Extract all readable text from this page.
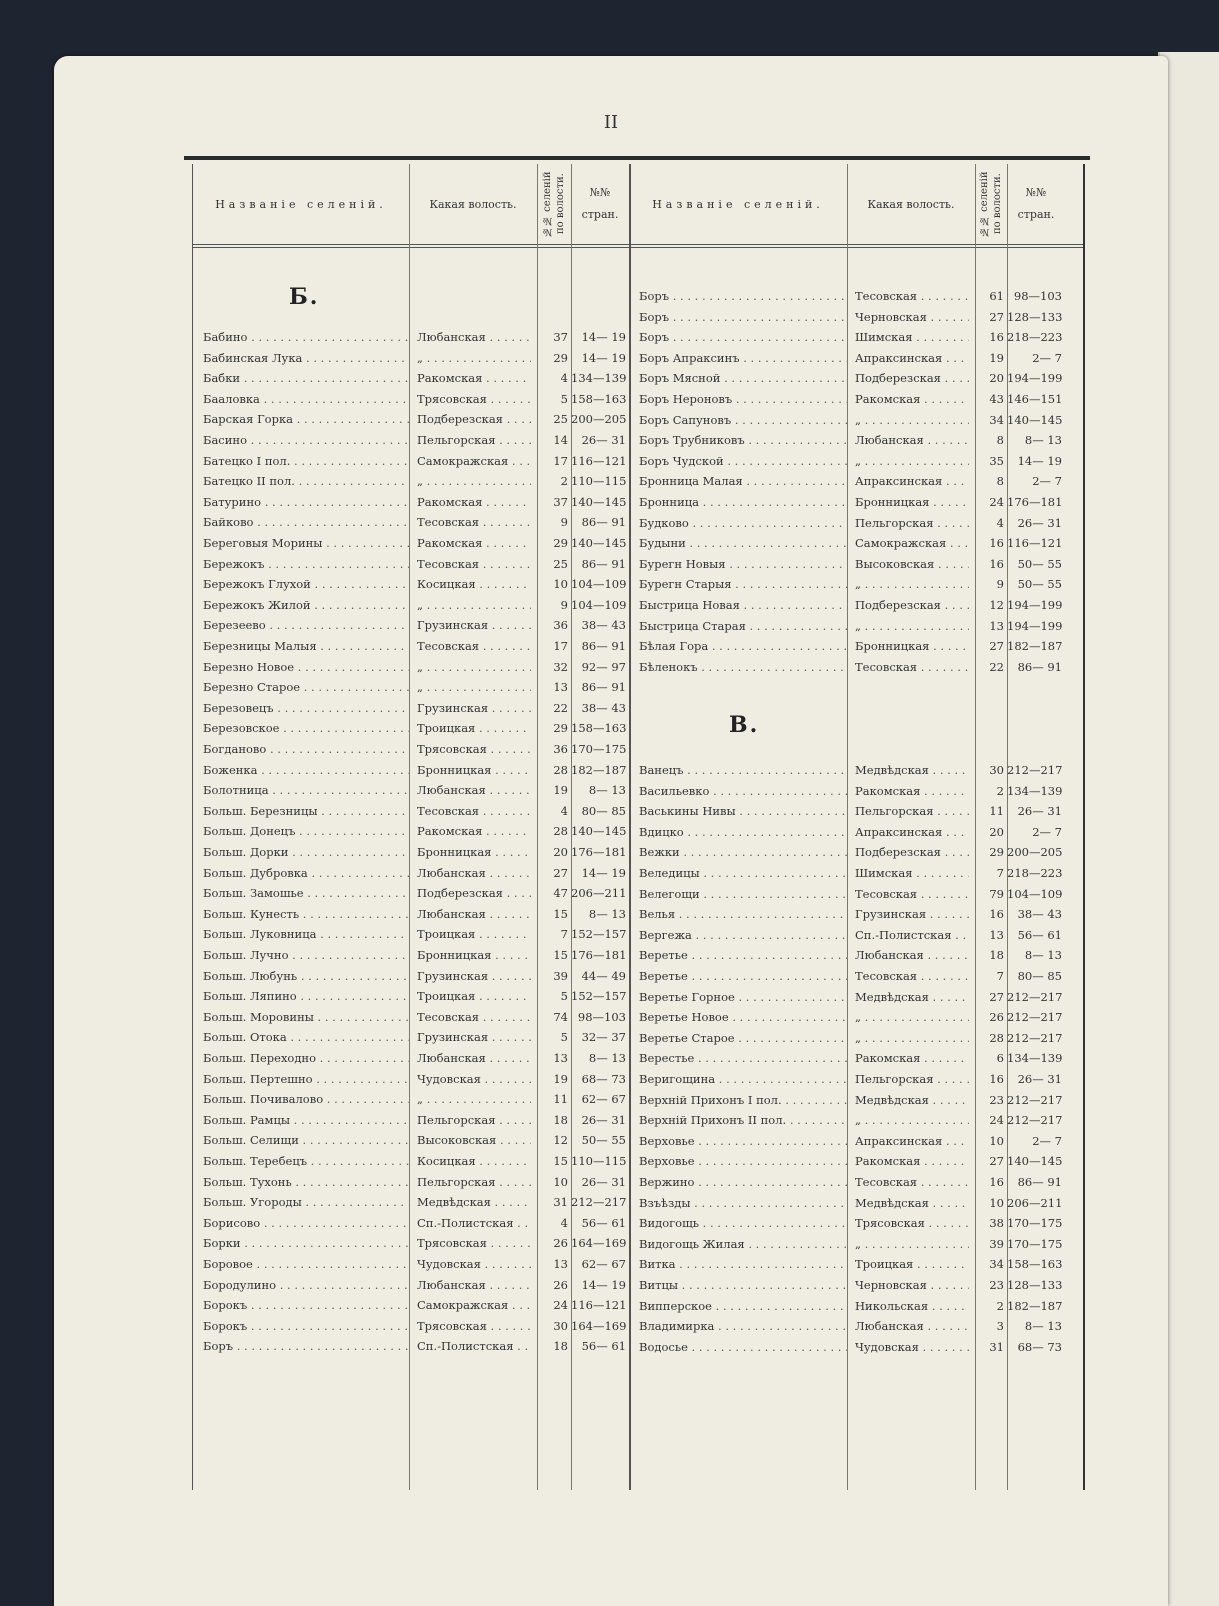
II
Названіе селеній.	Какая волость.	№№ селеній по волости.	№№
стран.
Названіе селеній.	Какая волость.	№№ селеній по волости.	№№
стран.
Б.
В.
Бабино . . .	Любанская . . .	37	14— 19
Бабинская Лука . . .	„ . . .	29	14— 19
Бабки . . .	Ракомская . . .	4 134—139
Бааловка . . .	Трясовская . . .	5 158—163
Барская Горка . . .	Подберезская . . .	25 200—205
Басино . . .	Пельгорская . . .	14	26— 31
Батецко I пол. . . .	Самокражская . . .	17 116—121
Батецко II пол. . . .	„ . . .	2 110—115
Батурино . . .	Ракомская . . .	37 140—145
Байково . . .	Тесовская . . .	9	86— 91
Береговыя Морины . . .	Ракомская . . .	29 140—145
Бережокъ . . .	Тесовская . . .	25	86— 91
Бережокъ Глухой . . .	Косицкая . . .	10 104—109
Бережокъ Жилой . . .	„ . . .	9 104—109
Березеево . . .	Грузинская . . .	36	38— 43
Березницы Малыя . . .	Тесовская . . .	17	86— 91
Березно Новое . . .	„ . . .	32	92— 97
Березно Старое . . .	„ . . .	13	86— 91
Березовецъ . . .	Грузинская . . .	22	38— 43
Березовское . . .	Троицкая . . .	29 158—163
Богданово . . .	Трясовская . . .	36 170—175
Боженка . . .	Бронницкая . . .	28 182—187
Болотница . . .	Любанская . . .	19	8— 13
Больш. Березницы . . .	Тесовская . . .	4	80— 85
Больш. Донецъ . . .	Ракомская . . .	28 140—145
Больш. Дорки . . .	Бронницкая . . .	20 176—181
Больш. Дубровка . . .	Любанская . . .	27	14— 19
Больш. Замошье . . .	Подберезская . . .	47 206—211
Больш. Кунесть . . .	Любанская . . .	15	8— 13
Больш. Луковница . . .	Троицкая . . .	7 152—157
Больш. Лучно . . .	Бронницкая . . .	15 176—181
Больш. Любунь . . .	Грузинская . . .	39	44— 49
Больш. Ляпино . . .	Троицкая . . .	5 152—157
Больш. Моровины . . .	Тесовская . . .	74 98—103
Больш. Отока . . .	Грузинская . . .	5	32— 37
Больш. Переходно . . .	Любанская . . .	13	8— 13
Больш. Пертешно . . .	Чудовская . . .	19	68— 73
Больш. Почивалово . . .	„ . . .	11	62— 67
Больш. Рамцы . . .	Пельгорская . . .	18	26— 31
Больш. Селищи . . .	Высоковская . . .	12	50— 55
Больш. Теребецъ . . .	Косицкая . . .	15 110—115
Больш. Тухонь . . .	Пельгорская . . .	10	26— 31
Больш. Угороды . . .	Медвѣдская . . .	31 212—217
Борисово . . .	Сп.-Полистская . . .	4	56— 61
Борки . . .	Трясовская . . .	26 164—169
Боровое . . .	Чудовская . . .	13	62— 67
Бородулино . . .	Любанская . . .	26	14— 19
Борокъ . . .	Самокражская . . .	24 116—121
Борокъ . . .	Трясовская . . .	30 164—169
Боръ . . .	Сп.-Полистская . . .	18	56— 61
Боръ . . .	Тесовская . . .	61 98—103
Боръ . . .	Черновская . . .	27 128—133
Боръ . . .	Шимская . . .	16 218—223
Боръ Апраксинъ . . .	Апраксинская . . .	19	2— 7
Боръ Мясной . . .	Подберезская . . .	20 194—199
Боръ Нероновъ . . .	Ракомская . . .	43 146—151
Боръ Сапуновъ . . .	„ . . .	34 140—145
Боръ Трубниковъ . . .	Любанская . . .	8	8— 13
Боръ Чудской . . .	„ . . .	35	14— 19
Бронница Малая . . .	Апраксинская . . .	8	2— 7
Бронница . . .	Бронницкая . . .	24 176—181
Будково . . .	Пельгорская . . .	4	26— 31
Будыни . . .	Самокражская . . .	16 116—121
Бурегн Новыя . . .	Высоковская . . .	16	50— 55
Бурегн Старыя . . .	„ . . .	9	50— 55
Быстрица Новая . . .	Подберезская . . .	12 194—199
Быстрица Старая . . .	„ . . .	13 194—199
Бѣлая Гора . . .	Бронницкая . . .	27 182—187
Бѣленокъ . . .	Тесовская . . .	22	86— 91
Ванецъ . . .	Медвѣдская . . .	30 212—217
Васильевко . . .	Ракомская . . .	2 134—139
Васькины Нивы . . .	Пельгорская . . .	11	26— 31
Вдицко . . .	Апраксинская . . .	20	2— 7
Вежки . . .	Подберезская . . .	29 200—205
Веледицы . . .	Шимская . . .	7 218—223
Велегощи . . .	Тесовская . . .	79 104—109
Велья . . .	Грузинская . . .	16	38— 43
Вергежа . . .	Сп.-Полистская . . .	13	56— 61
Веретье . . .	Любанская . . .	18	8— 13
Веретье . . .	Тесовская . . .	7	80— 85
Веретье Горное . . .	Медвѣдская . . .	27 212—217
Веретье Новое . . .	„ . . .	26 212—217
Веретье Старое . . .	„ . . .	28 212—217
Верестье . . .	Ракомская . . .	6 134—139
Веригощина . . .	Пельгорская . . .	16	26— 31
Верхній Прихонъ I пол. . . .	Медвѣдская . . .	23 212—217
Верхній Прихонъ II пол. . . .	„ . . .	24 212—217
Верховье . . .	Апраксинская . . .	10	2— 7
Верховье . . .	Ракомская . . .	27 140—145
Вержино . . .	Тесовская . . .	16	86— 91
Взъѣзды . . .	Медвѣдская . . .	10 206—211
Видогощь . . .	Трясовская . . .	38 170—175
Видогощь Жилая . . .	„ . . .	39 170—175
Витка . . .	Троицкая . . .	34 158—163
Витцы . . .	Черновская . . .	23 128—133
Випперское . . .	Никольская . . .	2 182—187
Владимирка . . .	Любанская . . .	3	8— 13
Водосье . . .	Чудовская . . .	31	68— 73
